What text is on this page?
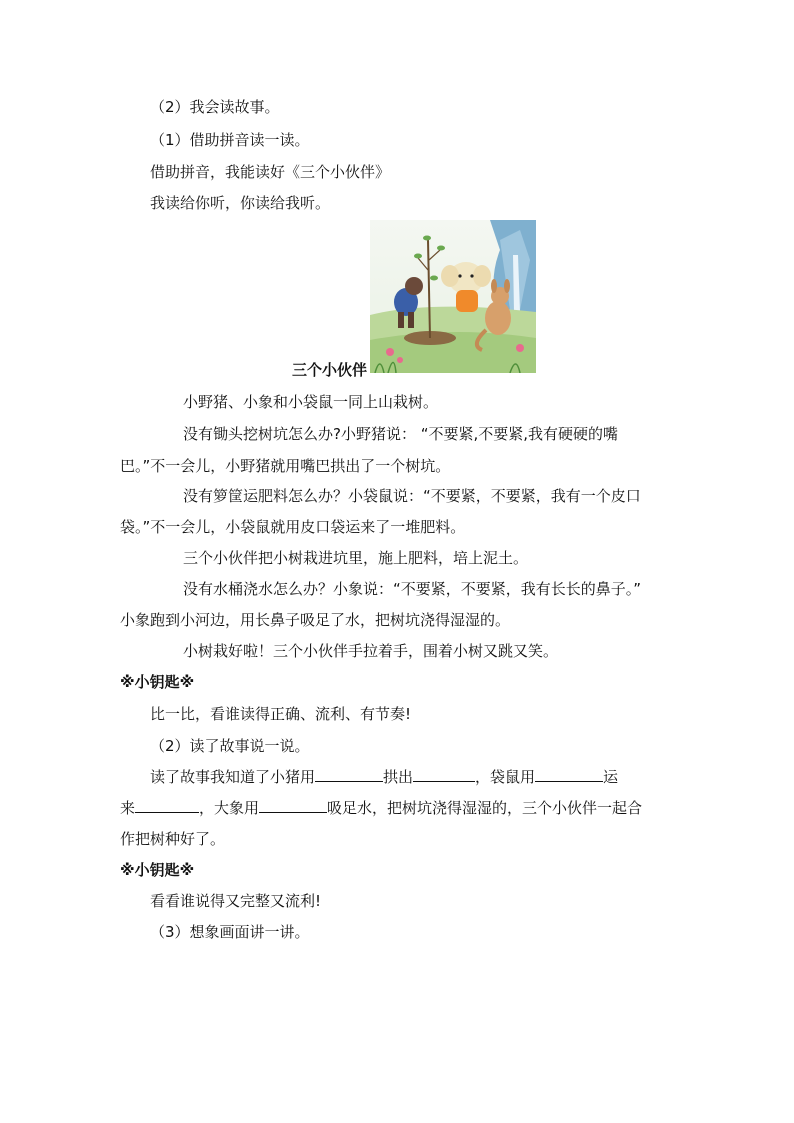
（2）我会读故事。
（1）借助拼音读一读。
借助拼音，我能读好《三个小伙伴》
我读给你听，你读给我听。
三个小伙伴
小野猪、小象和小袋鼠一同上山栽树。
没有锄头挖树坑怎么办?小野猪说： “不要紧,不要紧,我有硬硬的嘴
巴。”不一会儿，小野猪就用嘴巴拱出了一个树坑。
没有箩筐运肥料怎么办？小袋鼠说：“不要紧，不要紧，我有一个皮口
袋。”不一会儿，小袋鼠就用皮口袋运来了一堆肥料。
三个小伙伴把小树栽进坑里，施上肥料，培上泥土。
没有水桶浇水怎么办？小象说：“不要紧，不要紧，我有长长的鼻子。”
小象跑到小河边，用长鼻子吸足了水，把树坑浇得湿湿的。
小树栽好啦！三个小伙伴手拉着手，围着小树又跳又笑。
※小钥匙※
比一比，看谁读得正确、流利、有节奏!
（2）读了故事说一说。
读了故事我知道了小猪用	拱出	，袋鼠用	运
来	，大象用	吸足水，把树坑浇得湿湿的，三个小伙伴一起合
作把树种好了。
※小钥匙※
看看谁说得又完整又流利!
（3）想象画面讲一讲。
